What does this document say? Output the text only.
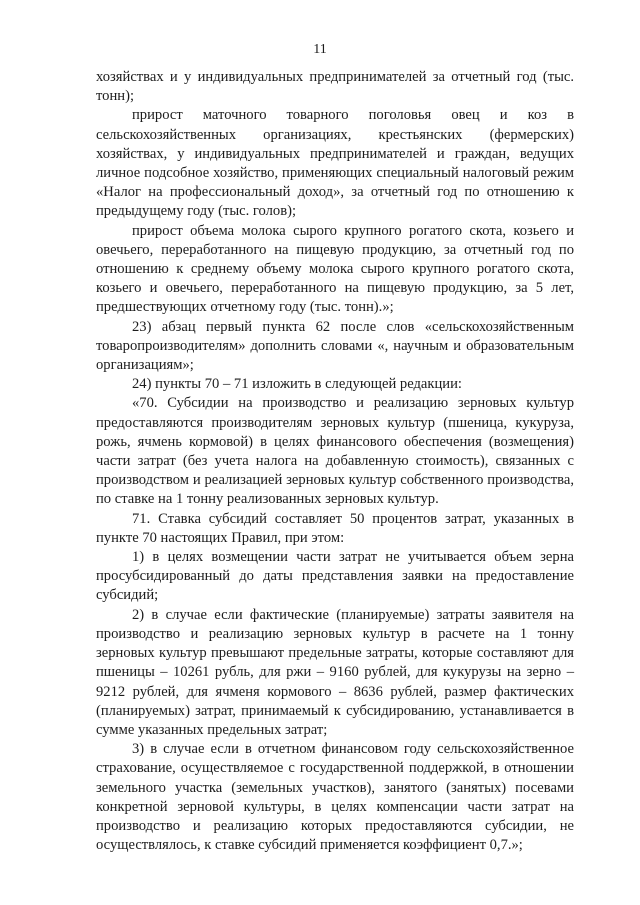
11

хозяйствах и у индивидуальных предпринимателей за отчетный год (тыс. тонн);

прирост маточного товарного поголовья овец и коз в сельскохозяйственных организациях, крестьянских (фермерских) хозяйствах, у индивидуальных предпринимателей и граждан, ведущих личное подсобное хозяйство, применяющих специальный налоговый режим «Налог на профессиональный доход», за отчетный год по отношению к предыдущему году (тыс. голов);

прирост объема молока сырого крупного рогатого скота, козьего и овечьего, переработанного на пищевую продукцию, за отчетный год по отношению к среднему объему молока сырого крупного рогатого скота, козьего и овечьего, переработанного на пищевую продукцию, за 5 лет, предшествующих отчетному году (тыс. тонн).»;

23) абзац первый пункта 62 после слов «сельскохозяйственным товаропроизводителям» дополнить словами «, научным и образовательным организациям»;

24) пункты 70 – 71 изложить в следующей редакции:

«70. Субсидии на производство и реализацию зерновых культур предоставляются производителям зерновых культур (пшеница, кукуруза, рожь, ячмень кормовой) в целях финансового обеспечения (возмещения) части затрат (без учета налога на добавленную стоимость), связанных с производством и реализацией зерновых культур собственного производства, по ставке на 1 тонну реализованных зерновых культур.

71. Ставка субсидий составляет 50 процентов затрат, указанных в пункте 70 настоящих Правил, при этом:

1) в целях возмещении части затрат не учитывается объем зерна просубсидированный до даты представления заявки на предоставление субсидий;

2) в случае если фактические (планируемые) затраты заявителя на производство и реализацию зерновых культур в расчете на 1 тонну зерновых культур превышают предельные затраты, которые составляют для пшеницы – 10261 рубль, для ржи – 9160 рублей, для кукурузы на зерно – 9212 рублей, для ячменя кормового – 8636 рублей, размер фактических (планируемых) затрат, принимаемый к субсидированию, устанавливается в сумме указанных предельных затрат;

3) в случае если в отчетном финансовом году сельскохозяйственное страхование, осуществляемое с государственной поддержкой, в отношении земельного участка (земельных участков), занятого (занятых) посевами конкретной зерновой культуры, в целях компенсации части затрат на производство и реализацию которых предоставляются субсидии, не осуществлялось, к ставке субсидий применяется коэффициент 0,7.»;
